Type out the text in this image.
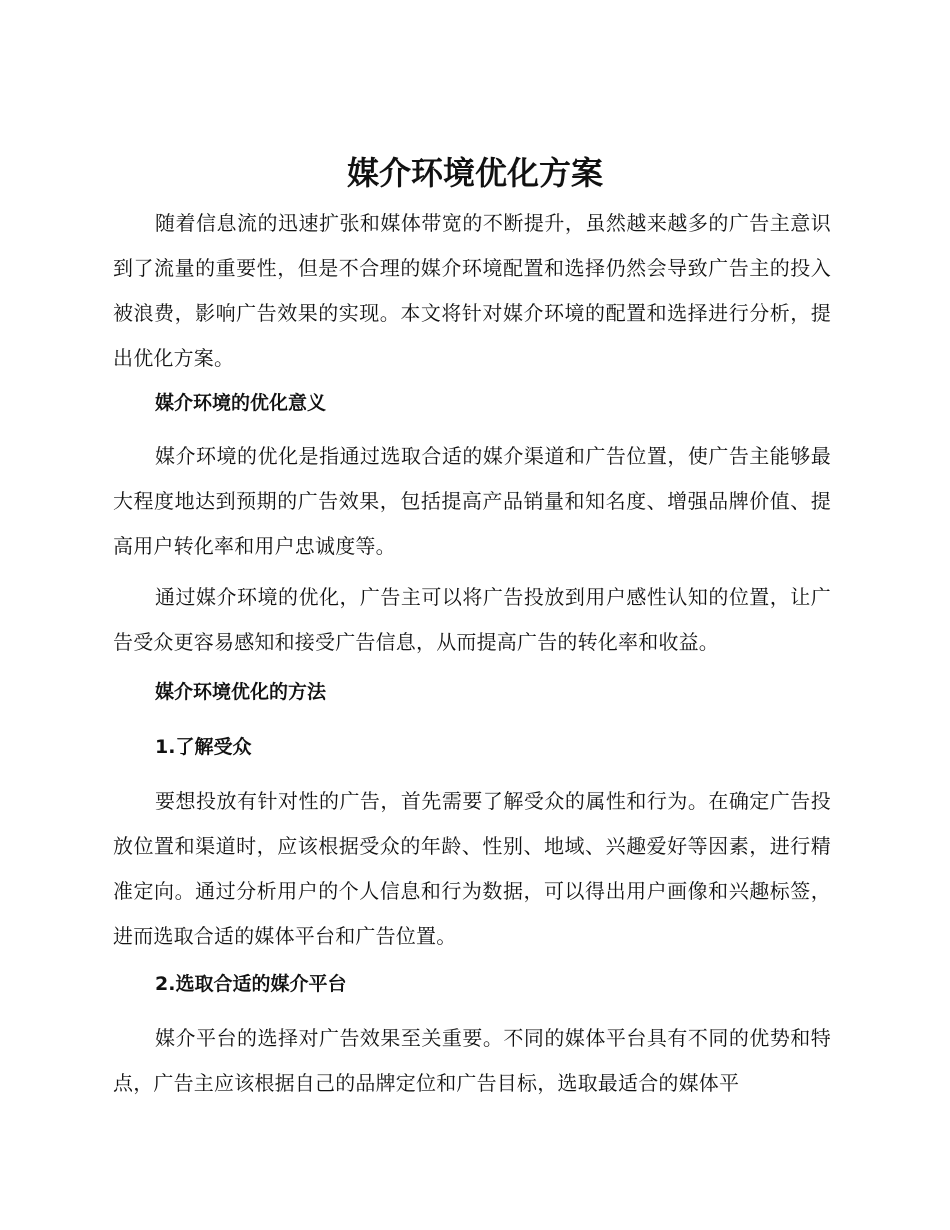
媒介环境优化方案

随着信息流的迅速扩张和媒体带宽的不断提升，虽然越来越多的广告主意识到了流量的重要性，但是不合理的媒介环境配置和选择仍然会导致广告主的投入被浪费，影响广告效果的实现。本文将针对媒介环境的配置和选择进行分析，提出优化方案。

媒介环境的优化意义

媒介环境的优化是指通过选取合适的媒介渠道和广告位置，使广告主能够最大程度地达到预期的广告效果，包括提高产品销量和知名度、增强品牌价值、提高用户转化率和用户忠诚度等。

通过媒介环境的优化，广告主可以将广告投放到用户感性认知的位置，让广告受众更容易感知和接受广告信息，从而提高广告的转化率和收益。

媒介环境优化的方法

1.了解受众

要想投放有针对性的广告，首先需要了解受众的属性和行为。在确定广告投放位置和渠道时，应该根据受众的年龄、性别、地域、兴趣爱好等因素，进行精准定向。通过分析用户的个人信息和行为数据，可以得出用户画像和兴趣标签，进而选取合适的媒体平台和广告位置。

2.选取合适的媒介平台

媒介平台的选择对广告效果至关重要。不同的媒体平台具有不同的优势和特点，广告主应该根据自己的品牌定位和广告目标，选取最适合的媒体平
